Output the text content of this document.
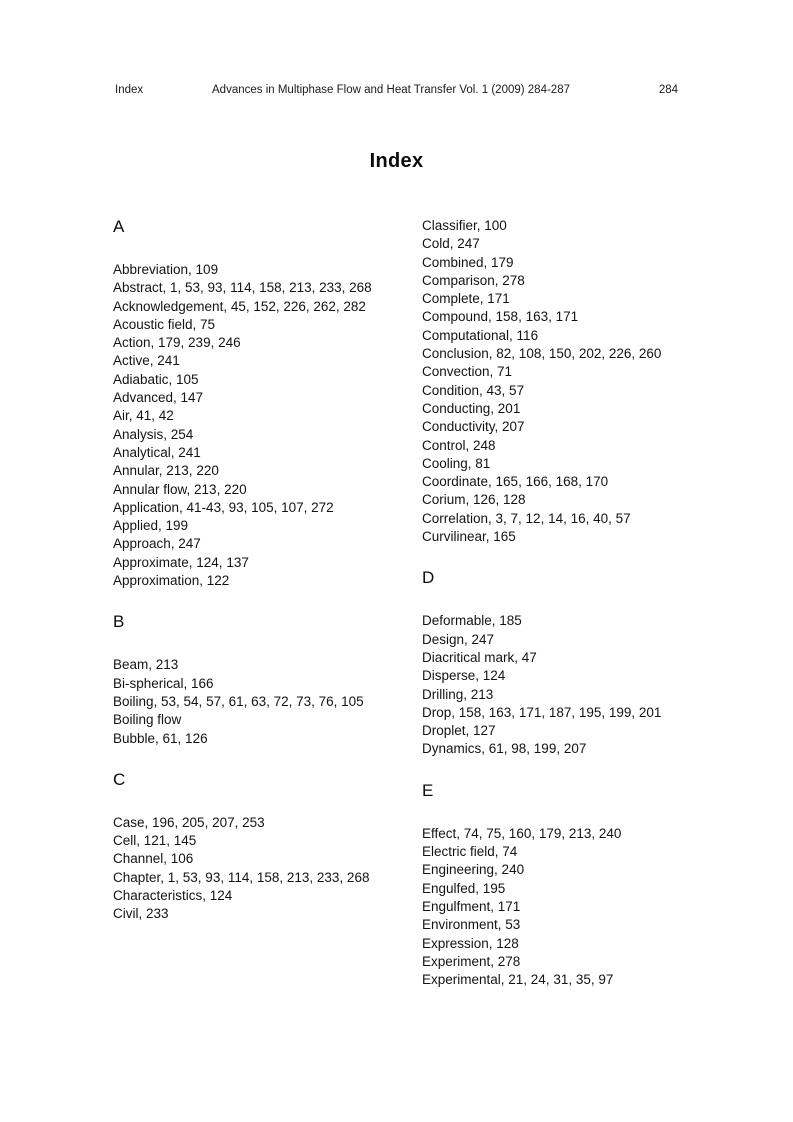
Index	Advances in Multiphase Flow and Heat Transfer Vol. 1 (2009) 284-287	284
Index
A
Abbreviation, 109
Abstract, 1, 53, 93, 114, 158, 213, 233, 268
Acknowledgement, 45, 152, 226, 262, 282
Acoustic field, 75
Action, 179, 239, 246
Active, 241
Adiabatic, 105
Advanced, 147
Air, 41, 42
Analysis, 254
Analytical, 241
Annular, 213, 220
Annular flow, 213, 220
Application, 41-43, 93, 105, 107, 272
Applied, 199
Approach, 247
Approximate, 124, 137
Approximation, 122
B
Beam, 213
Bi-spherical, 166
Boiling, 53, 54, 57, 61, 63, 72, 73, 76, 105
Boiling flow
Bubble, 61, 126
C
Case, 196, 205, 207, 253
Cell, 121, 145
Channel, 106
Chapter, 1, 53, 93, 114, 158, 213, 233, 268
Characteristics, 124
Civil, 233
Classifier, 100
Cold, 247
Combined, 179
Comparison, 278
Complete, 171
Compound, 158, 163, 171
Computational, 116
Conclusion, 82, 108, 150, 202, 226, 260
Convection, 71
Condition, 43, 57
Conducting, 201
Conductivity, 207
Control, 248
Cooling, 81
Coordinate, 165, 166, 168, 170
Corium, 126, 128
Correlation, 3, 7, 12, 14, 16, 40, 57
Curvilinear, 165
D
Deformable, 185
Design, 247
Diacritical mark, 47
Disperse, 124
Drilling, 213
Drop, 158, 163, 171, 187, 195, 199, 201
Droplet, 127
Dynamics, 61, 98, 199, 207
E
Effect, 74, 75, 160, 179, 213, 240
Electric field, 74
Engineering, 240
Engulfed, 195
Engulfment, 171
Environment, 53
Expression, 128
Experiment, 278
Experimental, 21, 24, 31, 35, 97
